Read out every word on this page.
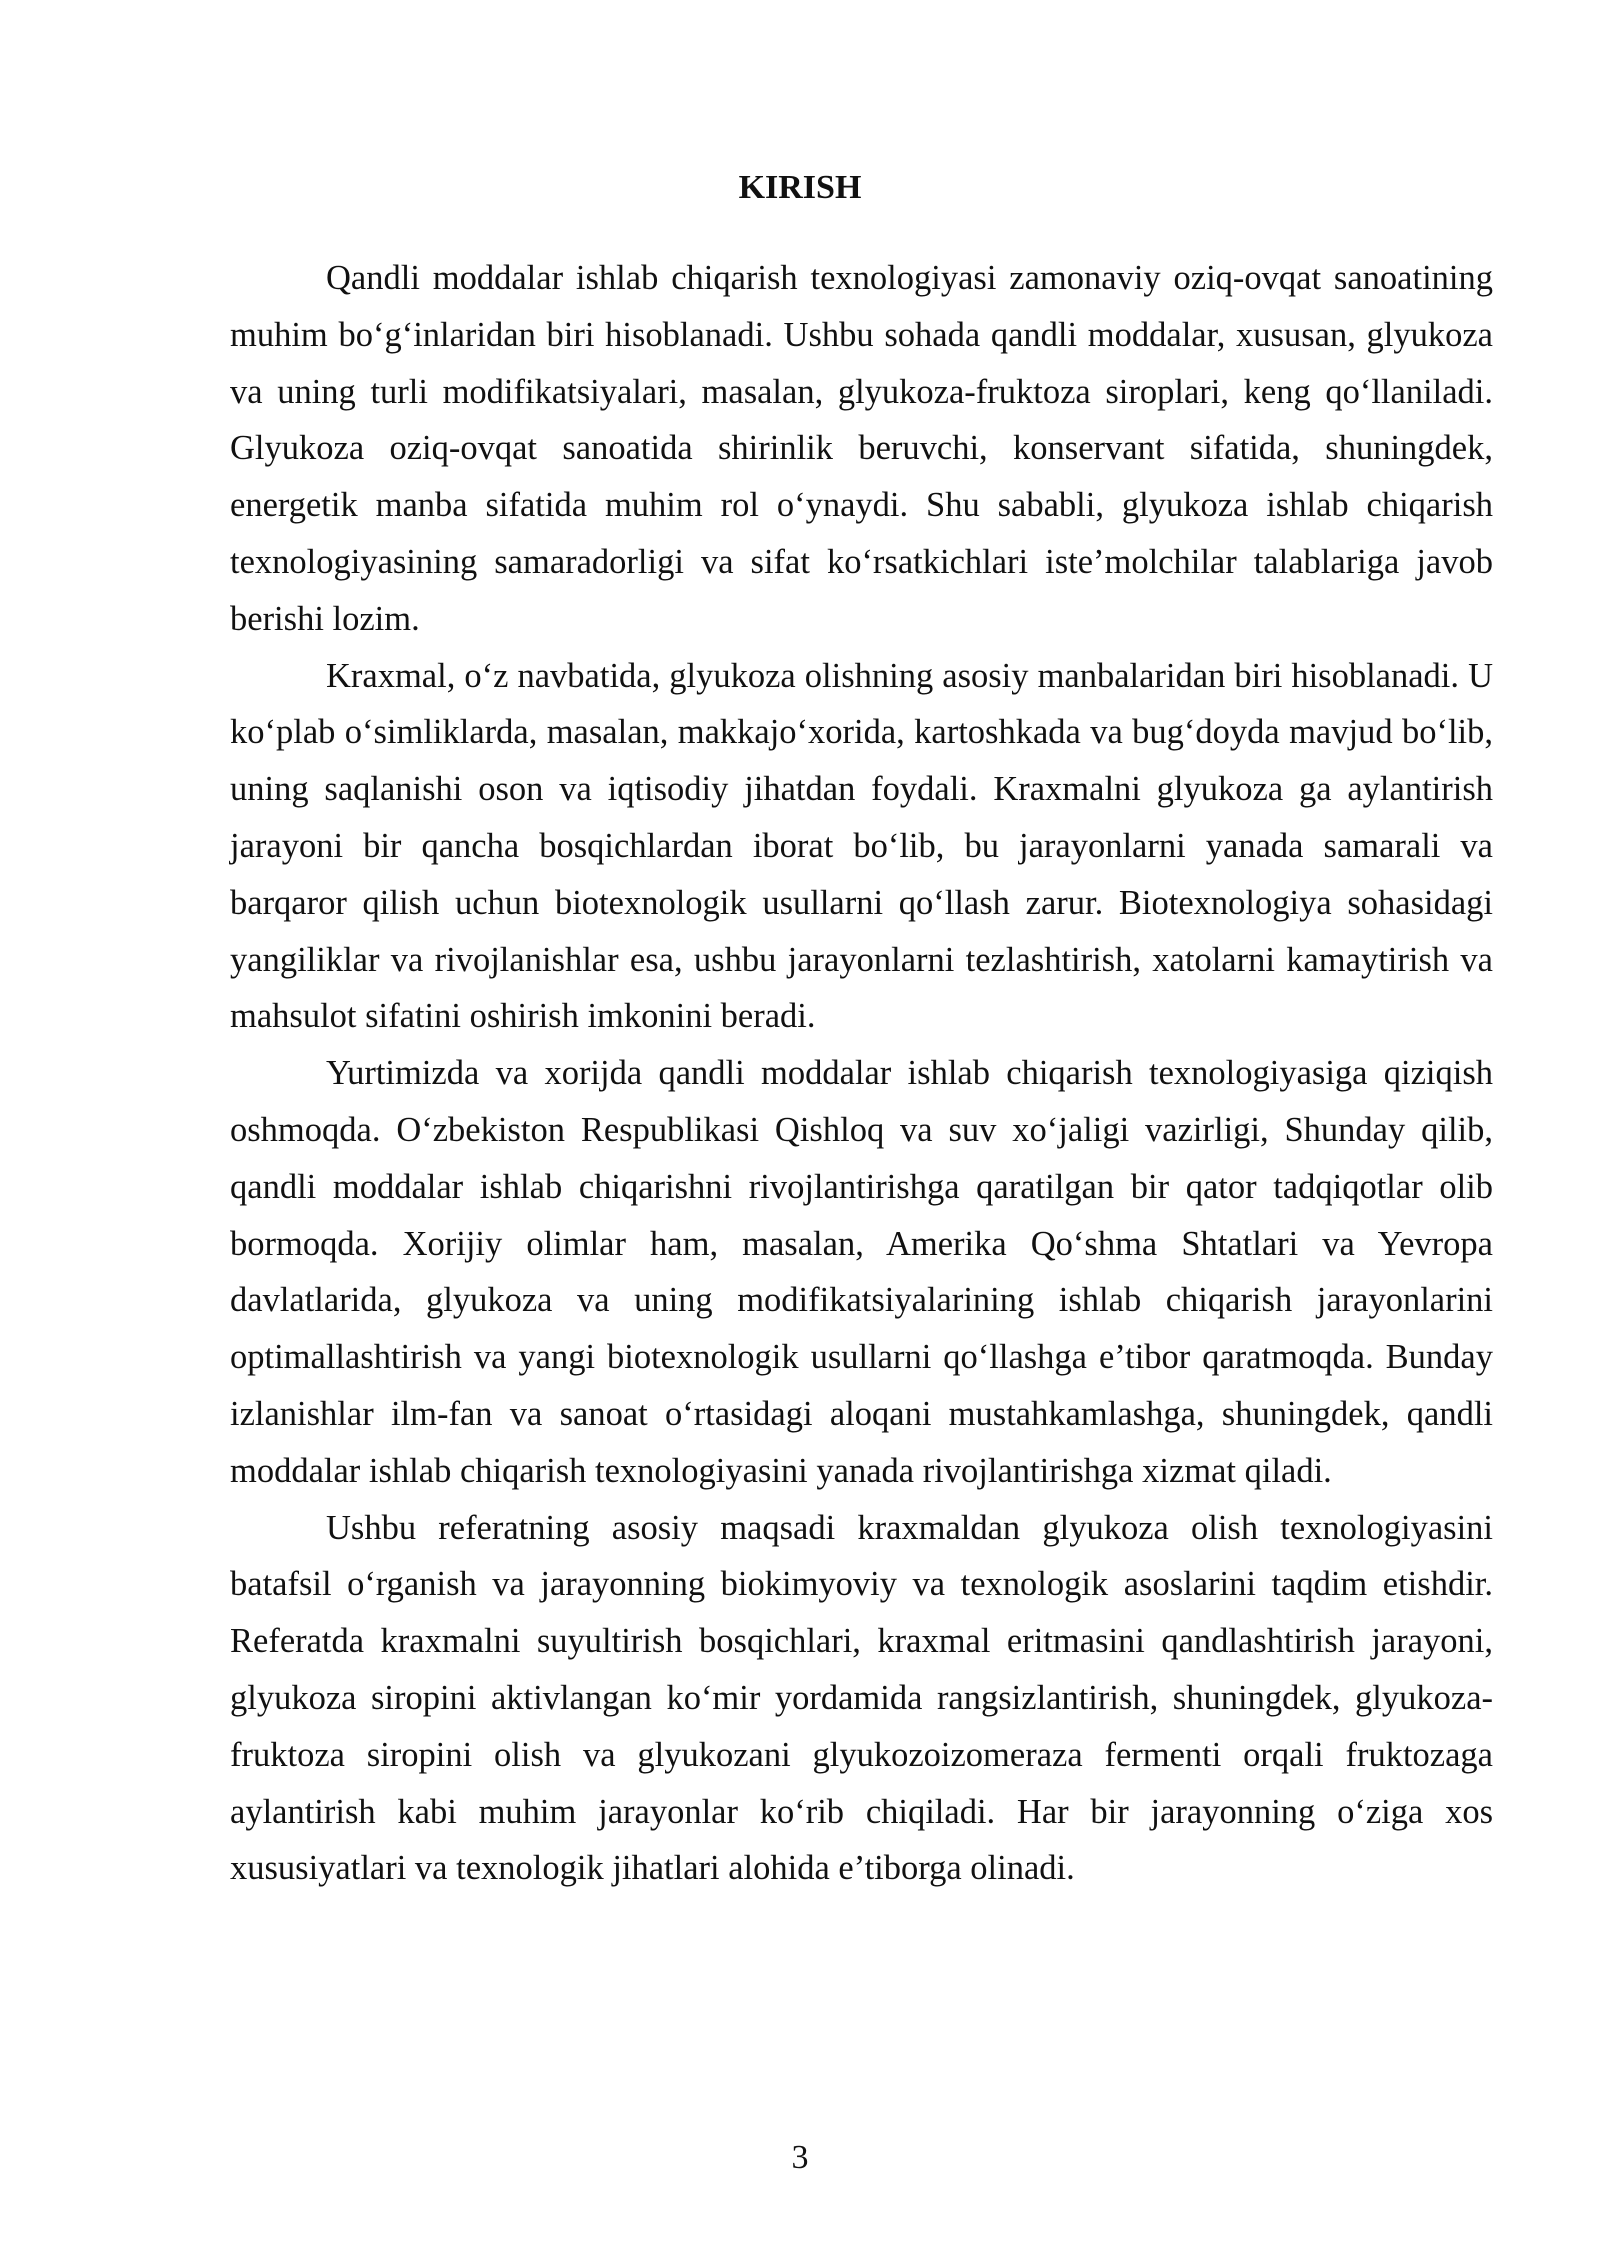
KIRISH

Qandli moddalar ishlab chiqarish texnologiyasi zamonaviy oziq-ovqat sanoatining muhim bo‘g‘inlaridan biri hisoblanadi. Ushbu sohada qandli moddalar, xususan, glyukoza va uning turli modifikatsiyalari, masalan, glyukoza-fruktoza siroplari, keng qo‘llaniladi. Glyukoza oziq-ovqat sanoatida shirinlik beruvchi, konservant sifatida, shuningdek, energetik manba sifatida muhim rol o‘ynaydi. Shu sababli, glyukoza ishlab chiqarish texnologiyasining samaradorligi va sifat ko‘rsatkichlari iste’molchilar talablariga javob berishi lozim.

Kraxmal, o‘z navbatida, glyukoza olishning asosiy manbalaridan biri hisoblanadi. U ko‘plab o‘simliklarda, masalan, makkajo‘xorida, kartoshkada va bug‘doyda mavjud bo‘lib, uning saqlanishi oson va iqtisodiy jihatdan foydali. Kraxmalni glyukoza ga aylantirish jarayoni bir qancha bosqichlardan iborat bo‘lib, bu jarayonlarni yanada samarali va barqaror qilish uchun biotexnologik usullarni qo‘llash zarur. Biotexnologiya sohasidagi yangiliklar va rivojlanishlar esa, ushbu jarayonlarni tezlashtirish, xatolarni kamaytirish va mahsulot sifatini oshirish imkonini beradi.

Yurtimizda va xorijda qandli moddalar ishlab chiqarish texnologiyasiga qiziqish oshmoqda. O‘zbekiston Respublikasi Qishloq va suv xo‘jaligi vazirligi, Shunday qilib, qandli moddalar ishlab chiqarishni rivojlantirishga qaratilgan bir qator tadqiqotlar olib bormoqda. Xorijiy olimlar ham, masalan, Amerika Qo‘shma Shtatlari va Yevropa davlatlarida, glyukoza va uning modifikatsiyalarining ishlab chiqarish jarayonlarini optimallashtirish va yangi biotexnologik usullarni qo‘llashga e’tibor qaratmoqda. Bunday izlanishlar ilm-fan va sanoat o‘rtasidagi aloqani mustahkamlashga, shuningdek, qandli moddalar ishlab chiqarish texnologiyasini yanada rivojlantirishga xizmat qiladi.

Ushbu referatning asosiy maqsadi kraxmaldan glyukoza olish texnologiyasini batafsil o‘rganish va jarayonning biokimyoviy va texnologik asoslarini taqdim etishdir. Referatda kraxmalni suyultirish bosqichlari, kraxmal eritmasini qandlashtirish jarayoni, glyukoza siropini aktivlangan ko‘mir yordamida rangsizlantirish, shuningdek, glyukoza-fruktoza siropini olish va glyukozani glyukozoizomeraza fermenti orqali fruktozaga aylantirish kabi muhim jarayonlar ko‘rib chiqiladi. Har bir jarayonning o‘ziga xos xususiyatlari va texnologik jihatlari alohida e’tiborga olinadi.

3
